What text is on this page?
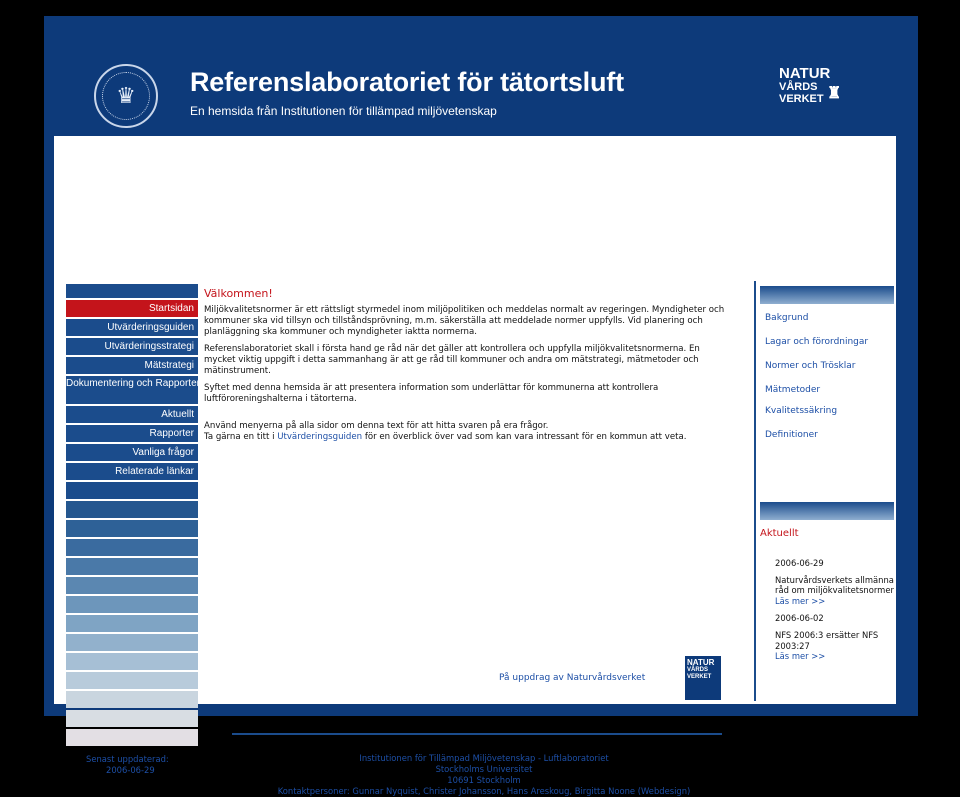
♛ Referenslaboratoriet för tätortsluft
En hemsida från Institutionen för tillämpad miljövetenskap
NATUR
VÅRDS
VERKET ♜
Startsidan
Utvärderingsguiden
Utvärderingsstrategi
Mätstrategi
Dokumentering och Rapportering
Aktuellt
Rapporter
Vanliga frågor
Relaterade länkar
Välkommen!

Miljökvalitetsnormer är ett rättsligt styrmedel inom miljöpolitiken och meddelas normalt av regeringen. Myndigheter och kommuner ska vid tillsyn och tillståndsprövning, m.m. säkerställa att meddelade normer uppfylls. Vid planering och planläggning ska kommuner och myndigheter iaktta normerna.

Referenslaboratoriet skall i första hand ge råd när det gäller att kontrollera och uppfylla miljökvalitetsnormerna. En mycket viktig uppgift i detta sammanhang är att ge råd till kommuner och andra om mätstrategi, mätmetoder och mätinstrument.

Syftet med denna hemsida är att presentera information som underlättar för kommunerna att kontrollera luftföroreningshalterna i tätorterna.

Använd menyerna på alla sidor om denna text för att hitta svaren på era frågor.

Ta gärna en titt i Utvärderingsguiden för en överblick över vad som kan vara intressant för en kommun att veta.

På uppdrag av Naturvårdsverket
NATUR
VÅRDS
VERKET
Bakgrund
Lagar och förordningar
Normer och Trösklar
Mätmetoder
Kvalitetssäkring
Definitioner
Aktuellt
2006-06-29
Naturvårdsverkets allmänna råd om miljökvalitetsnormer
Läs mer >>
2006-06-02
NFS 2006:3 ersätter NFS 2003:27
Läs mer >>
Senast uppdaterad:
2006-06-29
Institutionen för Tillämpad Miljövetenskap - Luftlaboratoriet
Stockholms Universitet
10691 Stockholm
Kontaktpersoner: Gunnar Nyquist, Christer Johansson, Hans Areskoug, Birgitta Noone (Webdesign)
